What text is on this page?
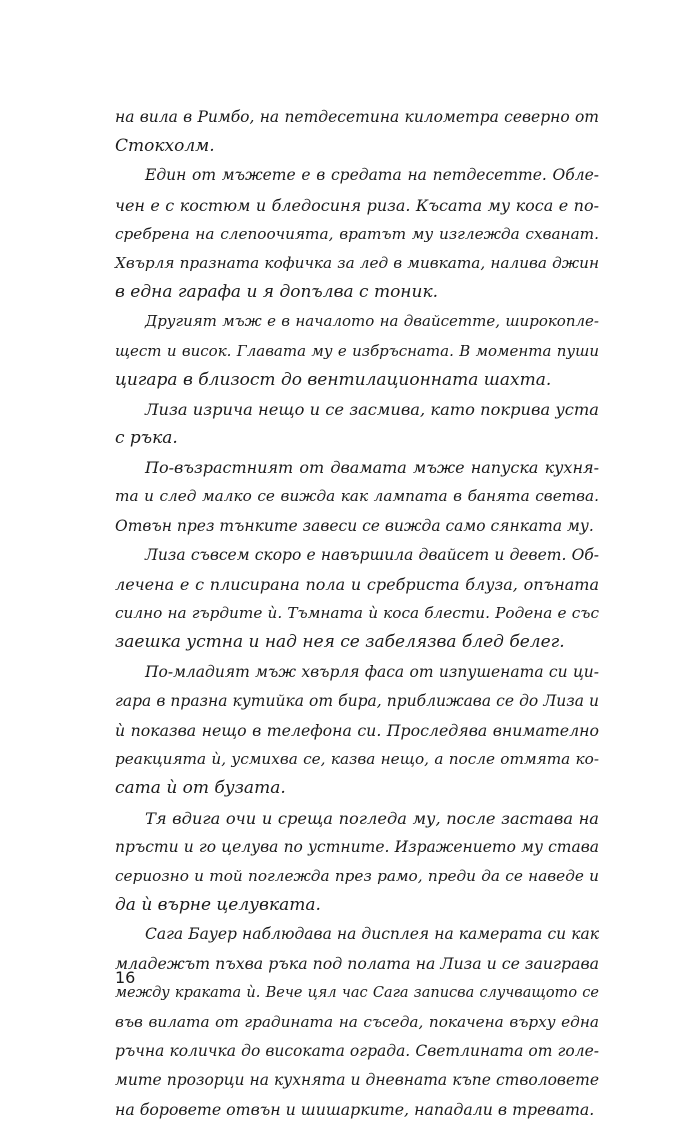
на вила в Римбо, на петдесетина километра северно от
Стокхолм.
Един от мъжете е в средата на петдесетте. Обле-
чен е с костюм и бледосиня риза. Късата му коса е по-
сребрена на слепоочията, вратът му изглежда схванат.
Хвърля празната кофичка за лед в мивката, налива джин
в една гарафа и я допълва с тоник.
Другият мъж е в началото на двайсетте, широкопле-
щест и висок. Главата му е избръсната. В момента пуши
цигара в близост до вентилационната шахта.
Лиза изрича нещо и се засмива, като покрива уста
с ръка.
По-възрастният от двамата мъже напуска кухня-
та и след малко се вижда как лампата в банята светва.
Отвън през тънките завеси се вижда само сянката му.
Лиза съвсем скоро е навършила двайсет и девет. Об-
лечена е с плисирана пола и сребриста блуза, опъната
силно на гърдите ѝ. Тъмната ѝ коса блести. Родена е със
заешка устна и над нея се забелязва блед белег.
По-младият мъж хвърля фаса от изпушената си ци-
гара в празна кутийка от бира, приближава се до Лиза и
ѝ показва нещо в телефона си. Проследява внимателно
реакцията ѝ, усмихва се, казва нещо, а после отмята ко-
сата ѝ от бузата.
Тя вдига очи и среща погледа му, после застава на
пръсти и го целува по устните. Изражението му става
сериозно и той поглежда през рамо, преди да се наведе и
да ѝ върне целувката.
Сага Бауер наблюдава на дисплея на камерата си как
младежът пъхва ръка под полата на Лиза и се заиграва
между краката ѝ. Вече цял час Сага записва случващото се
във вилата от градината на съседа, покачена върху една
ръчна количка до високата ограда. Светлината от голе-
мите прозорци на кухнята и дневната къпе стволовете
на боровете отвън и шишарките, нападали в тревата.
16
